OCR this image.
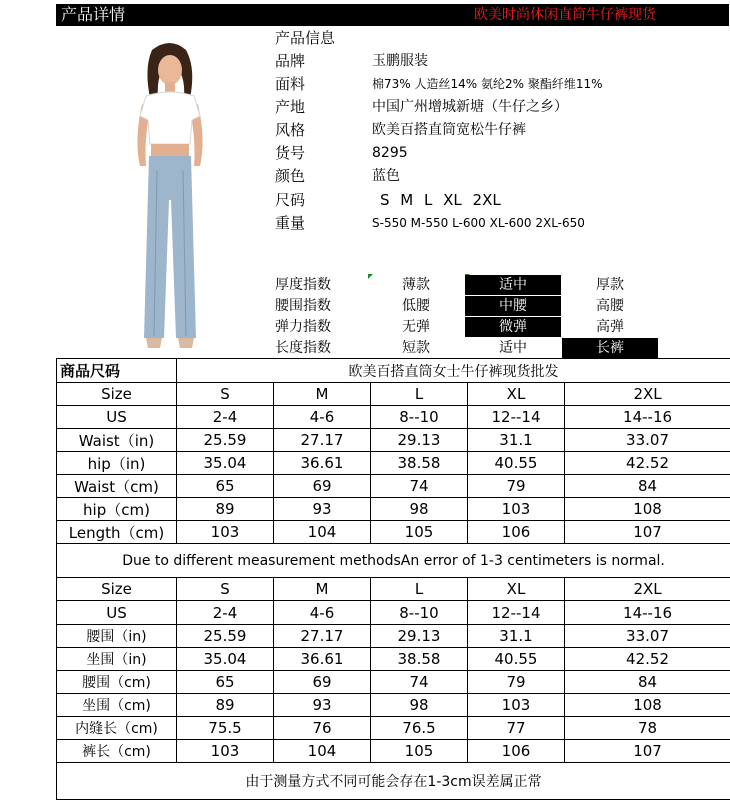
产品详情	欧美时尚休闲直筒牛仔裤现货
产品信息
品牌	玉鹏服装
面料	棉73% 人造丝14% 氨纶2% 聚酯纤维11%
产地	中国广州增城新塘（牛仔之乡）
风格	欧美百搭直筒宽松牛仔裤
货号	8295
颜色	蓝色
尺码	S M L XL 2XL
重量	S-550 M-550 L-600 XL-600 2XL-650
厚度指数	薄款	适中	厚款
腰围指数	低腰	中腰	高腰
弹力指数	无弹	微弹	高弹
长度指数	短款	适中	长裤
商品尺码	欧美百搭直筒女士牛仔裤现货批发				
Size	S	M	L	XL	2XL
US	2-4	4-6	8--10	12--14	14--16
Waist（in)	25.59	27.17	29.13	31.1	33.07
hip（in)	35.04	36.61	38.58	40.55	42.52
Waist（cm)	65	69	74	79	84
hip（cm)	89	93	98	103	108
Length（cm)	103	104	105	106	107
Due to different measurement methodsAn error of 1-3 centimeters is normal.					
Size	S	M	L	XL	2XL
US	2-4	4-6	8--10	12--14	14--16
腰围（in)	25.59	27.17	29.13	31.1	33.07
坐围（in)	35.04	36.61	38.58	40.55	42.52
腰围（cm)	65	69	74	79	84
坐围（cm)	89	93	98	103	108
内缝长（cm)	75.5	76	76.5	77	78
裤长（cm)	103	104	105	106	107
由于测量方式不同可能会存在1-3cm误差属正常					
